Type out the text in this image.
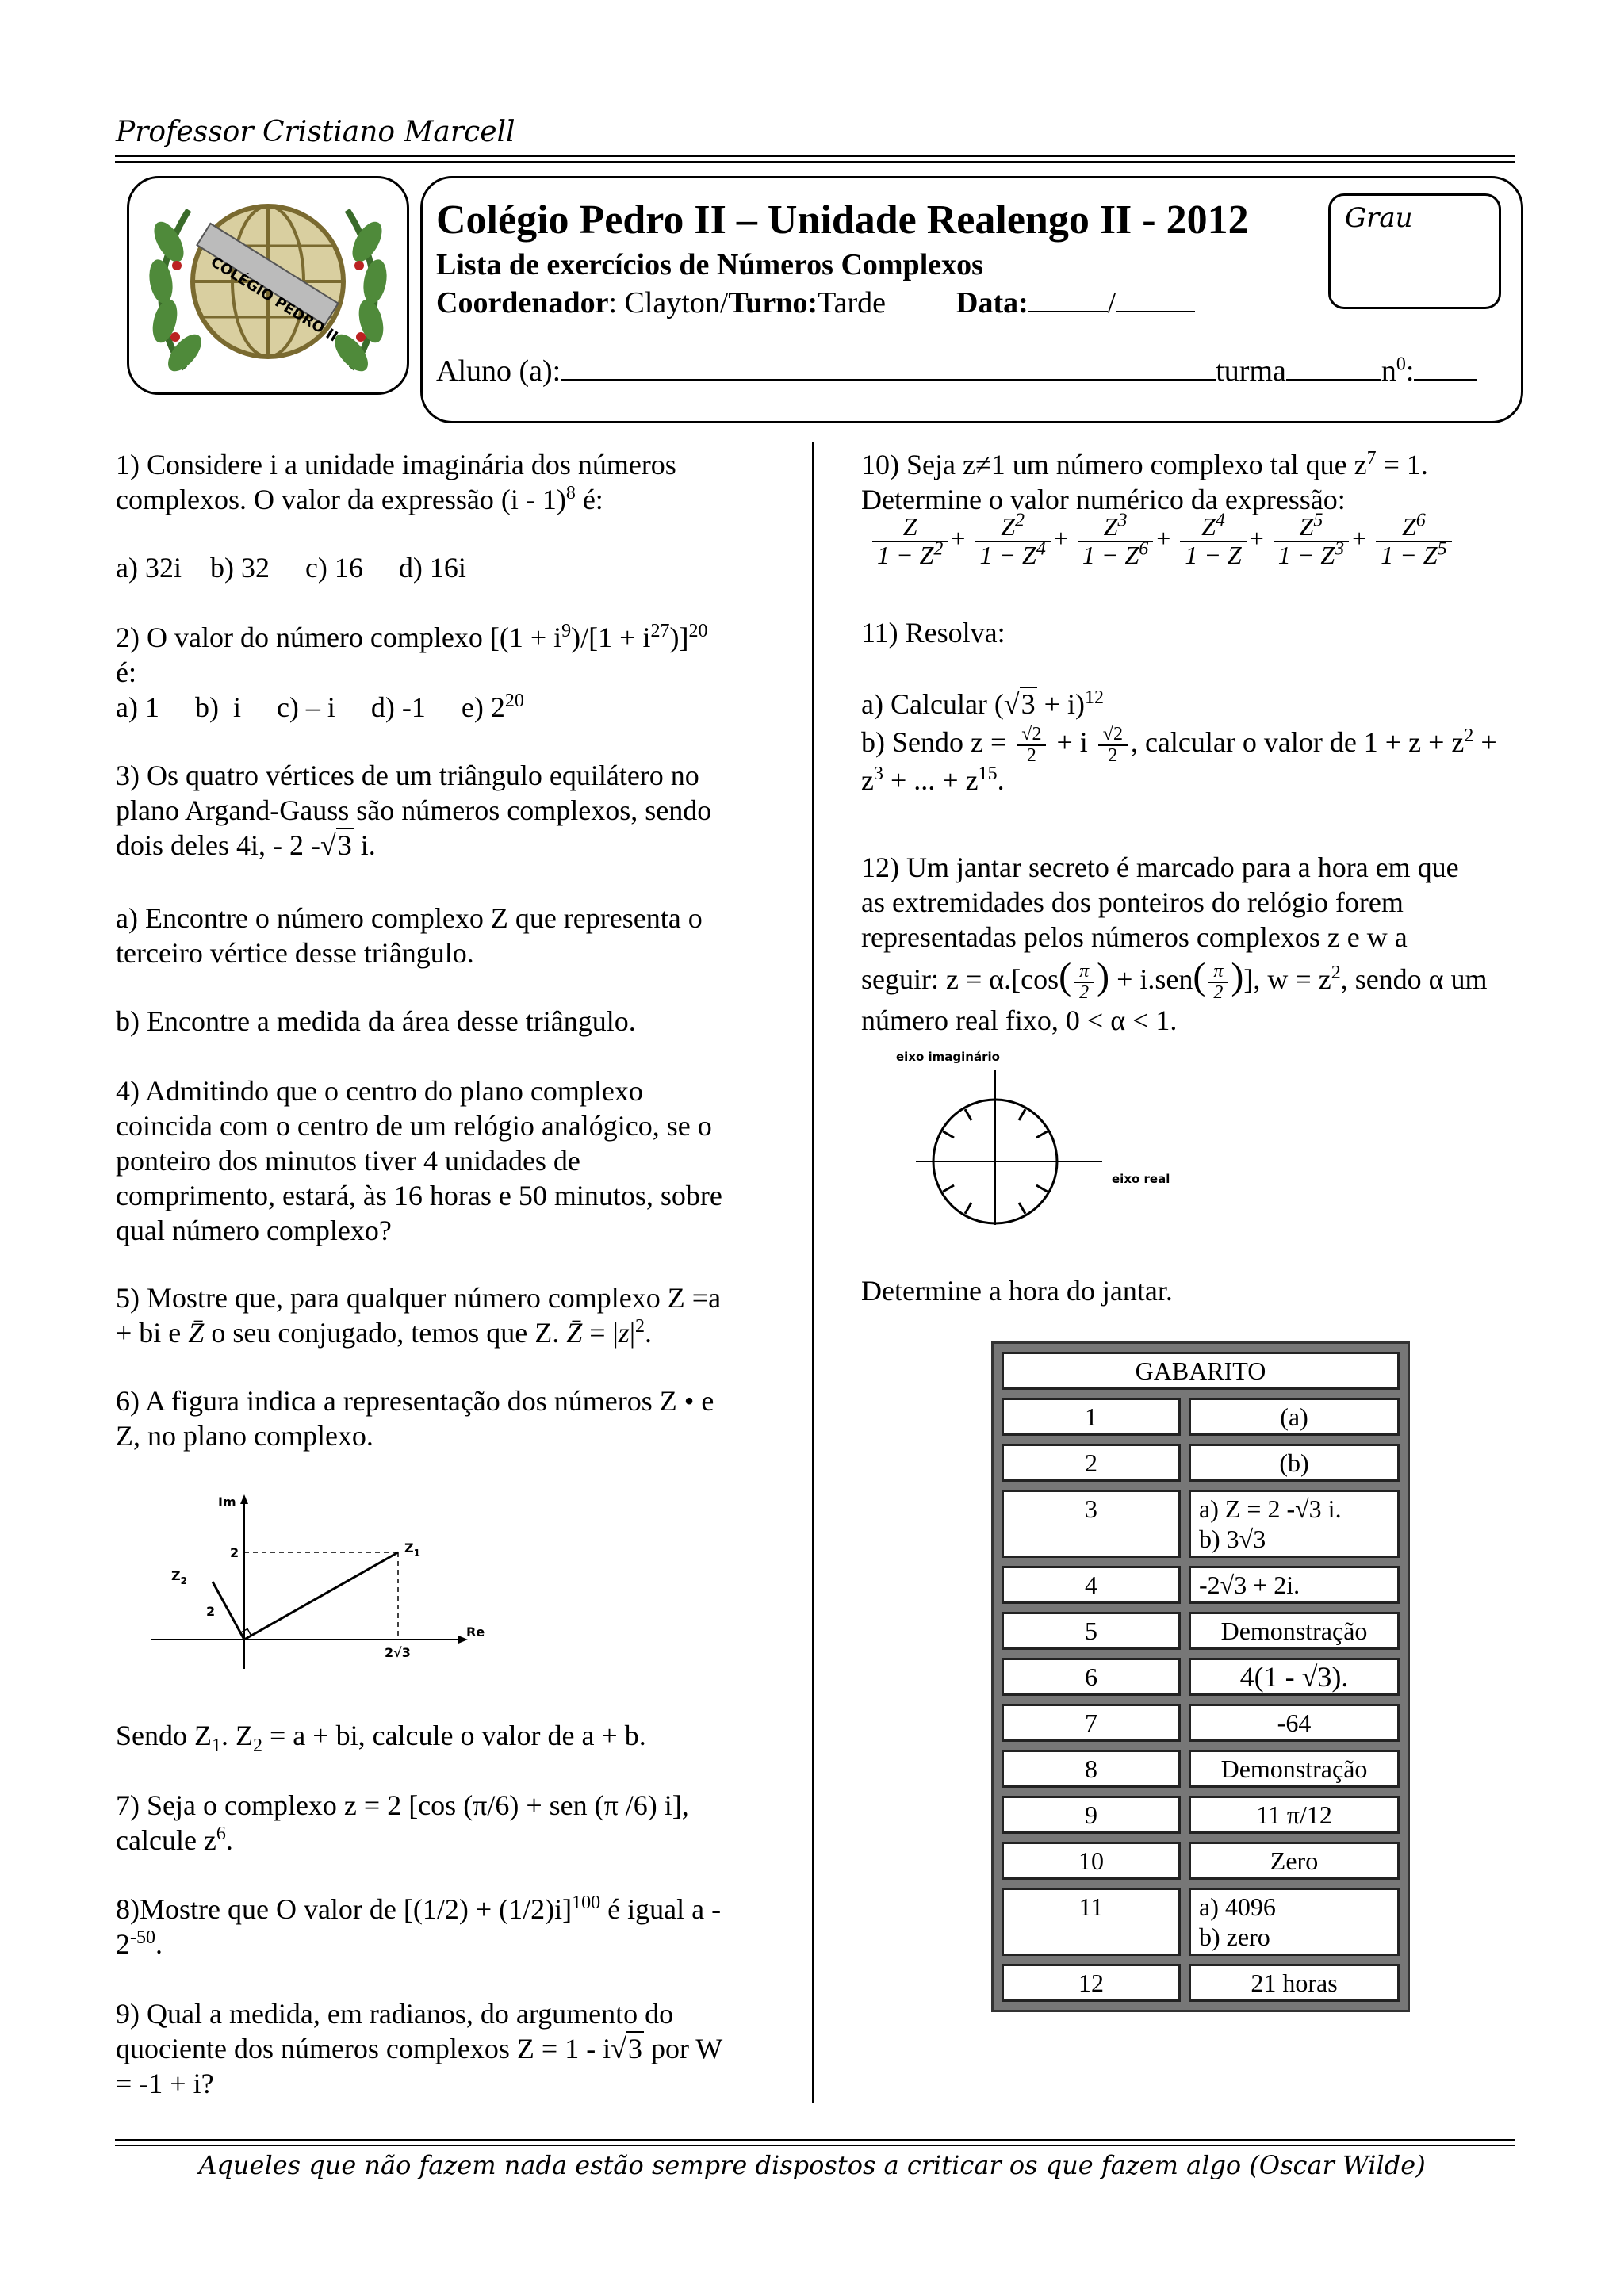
Professor Cristiano Marcell
COLÉGIO PEDRO II
Colégio Pedro II – Unidade Realengo II - 2012
Lista de exercícios de Números Complexos
Coordenador: Clayton/Turno:Tarde Data:	/
Aluno (a):	turma	$n^0$:
Grau
1) Considere i a unidade imaginária dos números
complexos. O valor da expressão (i - 1)$^8$ é:
a) 32i    b) 32     c) 16     d) 16i
2) O valor do número complexo $[(1 + i^9)/[1 + i^{27})]^{20}$
é:
a) 1     b)  i     c) – i     d) -1     e) $2^{20}$
3) Os quatro vértices de um triângulo equilátero no
plano Argand-Gauss são números complexos, sendo
dois deles 4i, - 2 -√3 i.
a) Encontre o número complexo Z que representa o
terceiro vértice desse triângulo.
b) Encontre a medida da área desse triângulo.
4) Admitindo que o centro do plano complexo
coincida com o centro de um relógio analógico, se o
ponteiro dos minutos tiver 4 unidades de
comprimento, estará, às 16 horas e 50 minutos, sobre
qual número complexo?
5) Mostre que, para qualquer número complexo Z =a
+ bi e Z̄ o seu conjugado, temos que Z. Z̄ = $|z|^2$.
6) A figura indica a representação dos números Z • e
Z, no plano complexo.
Im
Re
$Z_1$
$Z_2$
2
2
2√3
Sendo $Z_1$. $Z_2 = a$ + bi, calcule o valor de a + b.
7) Seja o complexo z = 2 [cos (π/6) + sen (π /6) i],
calcule $z^6$.
8)Mostre que O valor de $[(1/2) + (1/2)i]^{100}$ é igual a -
$2^{-50}$.
9) Qual a medida, em radianos, do argumento do
quociente dos números complexos Z = 1 - i√3 por W
= -1 + i?
10) Seja z≠1 um número complexo tal que $z^7 = 1$.
Determine o valor numérico da expressão:
$\frac{Z}{1 - Z^2} + \frac{Z^2}{1 - Z^4} + \frac{Z^3}{1 - Z^6} + \frac{Z^4}{1 - Z} + \frac{Z^5}{1 - Z^3} + \frac{Z^6}{1 - Z^5}$
11) Resolva:
a) Calcular $(√3 + i)^{12}$
b) Sendo $z = \frac{√2}{2} + i \frac{√2}{2}$ , calcular o valor de $1 + z + z^2$ +
$z^3$ + ... + $z^{15}$.
12) Um jantar secreto é marcado para a hora em que
as extremidades dos ponteiros do relógio forem
representadas pelos números complexos z e w a
seguir: $z = \alpha.[\cos( \frac{\pi}{2}$ ) + $i.sen( \frac{\pi}{2}$ )], $w = z^2$, sendo α um
número real fixo, 0 < α < 1.
eixo imaginário
eixo real
Determine a hora do jantar.
GABARITO	
1	(a)
2	(b)
3	a) Z = 2 -√3 i.
b) 3√3

4	-2√3 + 2i.
5	Demonstração
6	4(1 - √3).
7	-64
8	Demonstração
9	11 π/12
10	Zero
11	a) 4096
b) zero

12	21 horas
Aqueles que não fazem nada estão sempre dispostos a criticar os que fazem algo (Oscar Wilde)
